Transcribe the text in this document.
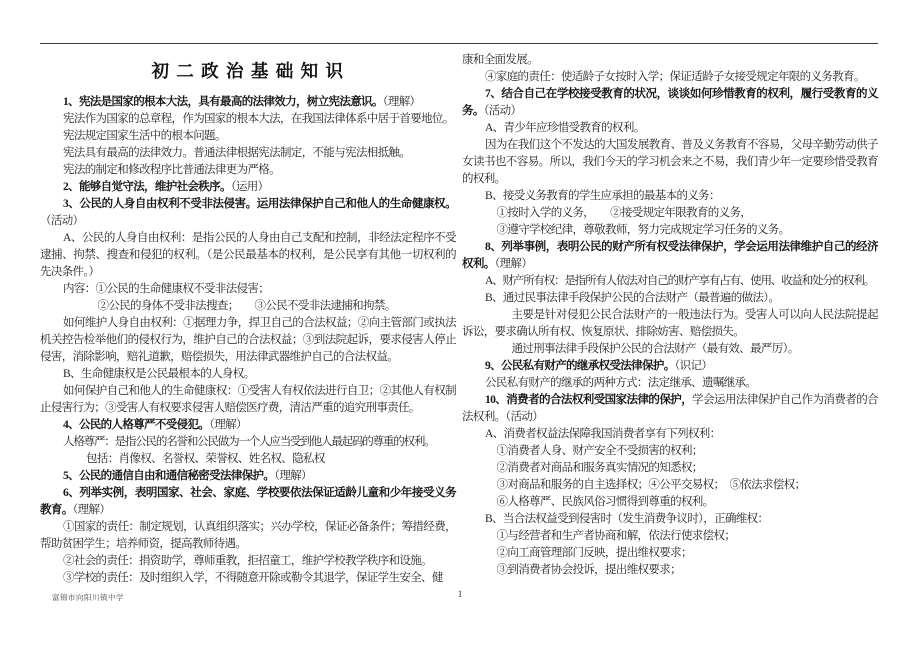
初 二 政 治 基 础 知 识

1、宪法是国家的根本大法，具有最高的法律效力，树立宪法意识。（理解）

宪法作为国家的总章程，作为国家的根本大法，在我国法律体系中居于首要地位。

宪法规定国家生活中的根本问题。

宪法具有最高的法律效力。普通法律根据宪法制定，不能与宪法相抵触。

宪法的制定和修改程序比普通法律更为严格。

2、能够自觉守法，维护社会秩序。（运用）

3、公民的人身自由权利不受非法侵害。运用法律保护自己和他人的生命健康权。（活动）

A、公民的人身自由权利：是指公民的人身由自己支配和控制，非经法定程序不受逮捕、拘禁、搜查和侵犯的权利。（是公民最基本的权利，是公民享有其他一切权利的先决条件。）

内容：①公民的生命健康权不受非法侵害；

②公民的身体不受非法搜查；　　③公民不受非法逮捕和拘禁。

如何维护人身自由权利：①据理力争，捍卫自己的合法权益；②向主管部门或执法机关控告检举他们的侵权行为，维护自己的合法权益；③到法院起诉，要求侵害人停止侵害，消除影响，赔礼道歉，赔偿损失，用法律武器维护自己的合法权益。

B、生命健康权是公民最根本的人身权。

如何保护自己和他人的生命健康权：①受害人有权依法进行自卫；②其他人有权制止侵害行为；③受害人有权要求侵害人赔偿医疗费，清洁严重的追究刑事责任。

4、公民的人格尊严不受侵犯。（理解）

人格尊严：是指公民的名誉和公民做为一个人应当受到他人最起码的尊重的权利。

包括：肖像权、名誉权、荣誉权、姓名权、隐私权

5、公民的通信自由和通信秘密受法律保护。（理解）

6、列举实例，表明国家、社会、家庭、学校要依法保证适龄儿童和少年接受义务教育。（理解）

①国家的责任：制定规划，认真组织落实；兴办学校，保证必备条件；筹措经费，帮助贫困学生；培养师资，提高教师待遇。

②社会的责任：捐资助学，尊师重教，拒招童工，维护学校教学秩序和设施。

③学校的责任：及时组织入学，不得随意开除或勒令其退学，保证学生安全、健

康和全面发展。

④家庭的责任：使适龄子女按时入学；保证适龄子女接受规定年限的义务教育。

7、结合自己在学校接受教育的状况，谈谈如何珍惜教育的权利，履行受教育的义务。（活动）

A、青少年应珍惜受教育的权利。

因为在我们这个不发达的大国发展教育、普及义务教育不容易，父母辛勤劳动供子女读书也不容易。所以，我们今天的学习机会来之不易，我们青少年一定要珍惜受教育的权利。

B、接受义务教育的学生应承担的最基本的义务：

①按时入学的义务，　　②接受规定年限教育的义务，

③遵守学校纪律，尊敬教师，努力完成规定学习任务的义务。

8、列举事例，表明公民的财产所有权受法律保护，学会运用法律维护自己的经济权利。（理解）

A、财产所有权：是指所有人依法对自己的财产享有占有、使用、收益和处分的权利。

B、通过民事法律手段保护公民的合法财产（最普遍的做法）。

主要是针对侵犯公民合法财产的一般违法行为。受害人可以向人民法院提起诉讼，要求确认所有权、恢复原状、排除妨害、赔偿损失。

通过刑事法律手段保护公民的合法财产（最有效、最严厉）。

9、公民私有财产的继承权受法律保护。（识记）

公民私有财产的继承的两种方式：法定继承、遗嘱继承。

10、消费者的合法权利受国家法律的保护，学会运用法律保护自己作为消费者的合法权利。（活动）

A、消费者权益法保障我国消费者享有下列权利：

①消费者人身、财产安全不受损害的权利；

②消费者对商品和服务真实情况的知悉权；

③对商品和服务的自主选择权；④公平交易权；　⑤依法求偿权；

⑥人格尊严、民族风俗习惯得到尊重的权利。

B、当合法权益受到侵害时（发生消费争议时），正确维权：

①与经营者和生产者协商和解，依法行使求偿权；

②向工商管理部门反映，提出维权要求；

③到消费者协会投诉，提出维权要求；

富锦市向阳川镇中学	1
